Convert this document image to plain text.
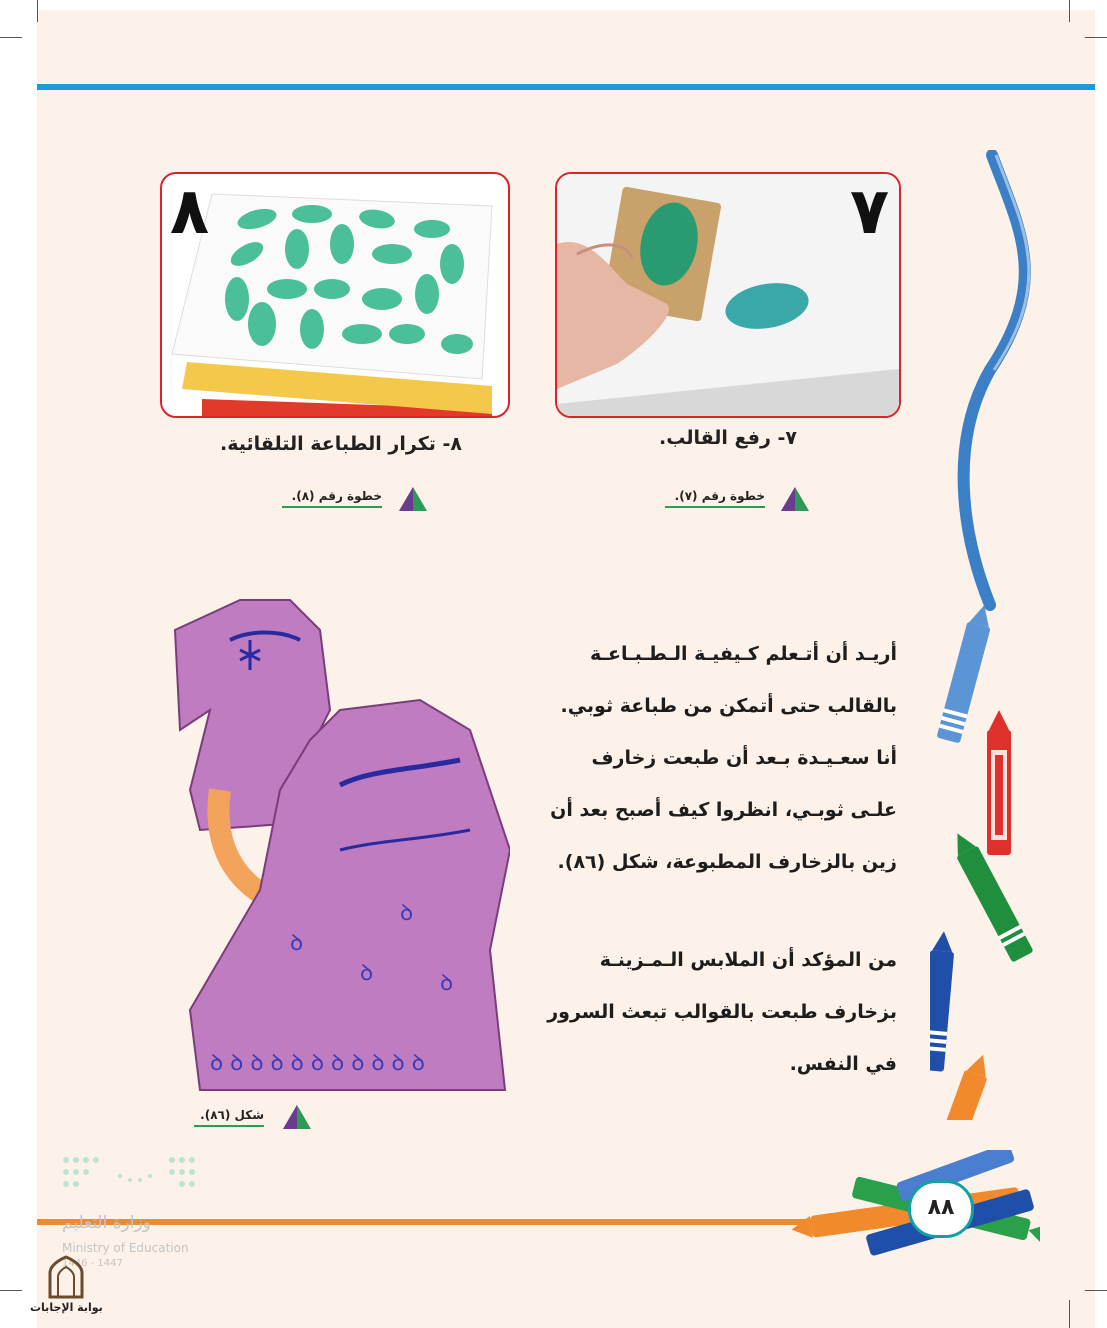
٨	٧
٨- تكرار الطباعة التلقائية.	٧- رفع القالب.
خطوة رقم (٨).	خطوة رقم (٧).
أريـد أن أتـعلم كـيفيـة الـطـبـاعـة
بالقالب حتى أتمكن من طباعة ثوبي.
أنا سعـيـدة بـعد أن طبعت زخارف
علـى ثوبـي، انظروا كيف أصبح بعد أن
زين بالزخارف المطبوعة، شكل (٨٦).
من المؤكد أن الملابس الـمـزينـة
بزخارف طبعت بالقوالب تبعث السرور
في النفس.
ꝺ ꝺ ꝺ ꝺ ꝺ ꝺ ꝺ ꝺ ꝺ ꝺ ꝺ
ꝺ
ꝺ	ꝺ
ꝺ
شكل (٨٦).
٨٨
وزارة التعليم
Ministry of Education
1446 - 1447
بوابة الإجابات
